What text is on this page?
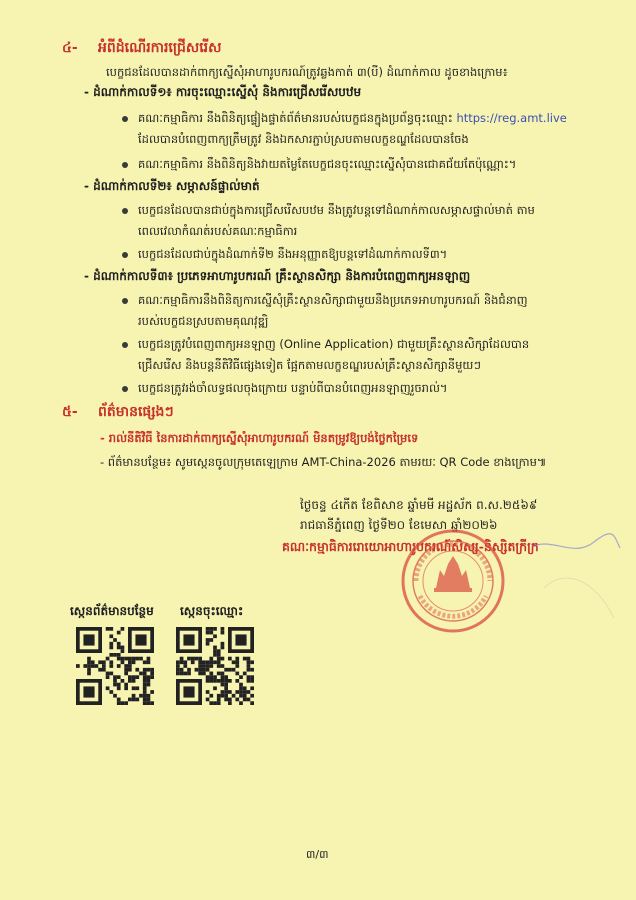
៤- អំពីដំណើរការជ្រើសរើស
បេក្ខជនដែលបានដាក់ពាក្យស្នើសុំអាហារូបករណ៍ត្រូវឆ្លងកាត់ ៣(បី) ដំណាក់កាល ដូចខាងក្រោម៖
- ដំណាក់កាលទី១៖ ការចុះឈ្មោះស្នើសុំ និងការជ្រើសរើសបឋម
គណៈកម្មាធិការ នឹងពិនិត្យផ្ទៀងផ្ទាត់ព័ត៌មានរបស់បេក្ខជនក្នុងប្រព័ន្ធចុះឈ្មោះ https://reg.amt.live
ដែលបានបំពេញពាក្យត្រឹមត្រូវ និងឯកសារភ្ជាប់ស្របតាមលក្ខខណ្ឌដែលបានចែង
គណៈកម្មាធិការ នឹងពិនិត្យនិងវាយតម្លៃតែបេក្ខជនចុះឈ្មោះស្នើសុំបានជោគជ័យតែប៉ុណ្ណោះ។
- ដំណាក់កាលទី២៖ សម្ភាសន៍ផ្ទាល់មាត់
បេក្ខជនដែលបានជាប់ក្នុងការជ្រើសរើសបឋម នឹងត្រូវបន្តទៅដំណាក់កាលសម្ភាសផ្ទាល់មាត់ តាម
ពេលវេលាកំណត់របស់គណៈកម្មាធិការ
បេក្ខជនដែលជាប់ក្នុងដំណាក់ទី២ នឹងអនុញ្ញាតឱ្យបន្តទៅដំណាក់កាលទី៣។
- ដំណាក់កាលទី៣៖ ប្រភេទអាហារូបករណ៍ គ្រឹះស្ថានសិក្សា និងការបំពេញពាក្យអនឡាញ
គណៈកម្មាធិការនឹងពិនិត្យការស្នើសុំគ្រឹះស្ថានសិក្សាជាមួយនឹងប្រភេទអាហារូបករណ៍ និងជំនាញ
របស់បេក្ខជនស្របតាមគុណវុឌ្ឍិ
បេក្ខជនត្រូវបំពេញពាក្យអនឡាញ (Online Application) ជាមួយគ្រឹះស្ថានសិក្សាដែលបាន
ជ្រើសរើស និងបន្តនីតិវិធីផ្សេងទៀត ផ្អែកតាមលក្ខខណ្ឌរបស់គ្រឹះស្ថានសិក្សានីមួយៗ
បេក្ខជនត្រូវរង់ចាំលទ្ធផលចុងក្រោយ បន្ទាប់ពីបានបំពេញអនឡាញរួចរាល់។
៥- ព័ត៌មានផ្សេងៗ
- រាល់នីតិវិធី នៃការដាក់ពាក្យស្នើសុំអាហារូបករណ៍ មិនតម្រូវឱ្យបង់ថ្លៃកម្រៃទេ
- ព័ត៌មានបន្ថែម៖ សូមស្កេនចូលក្រុមតេឡេក្រាម AMT-China-2026 តាមរយៈ QR Code ខាងក្រោម៕
ថ្ងៃចន្ទ ៤កើត ខែពិសាខ ឆ្នាំមមី អដ្ឋស័ក ព.ស.២៥៦៩
រាជធានីភ្នំពេញ ថ្ងៃទី២០ ខែមេសា ឆ្នាំ២០២៦
គណៈកម្មាធិការរោយោអាហារូបករណ៍សិស្ស-និស្សិតក្រីក្រ
ស្កេនព័ត៌មានបន្ថែម ស្កេនចុះឈ្មោះ
៣/៣
